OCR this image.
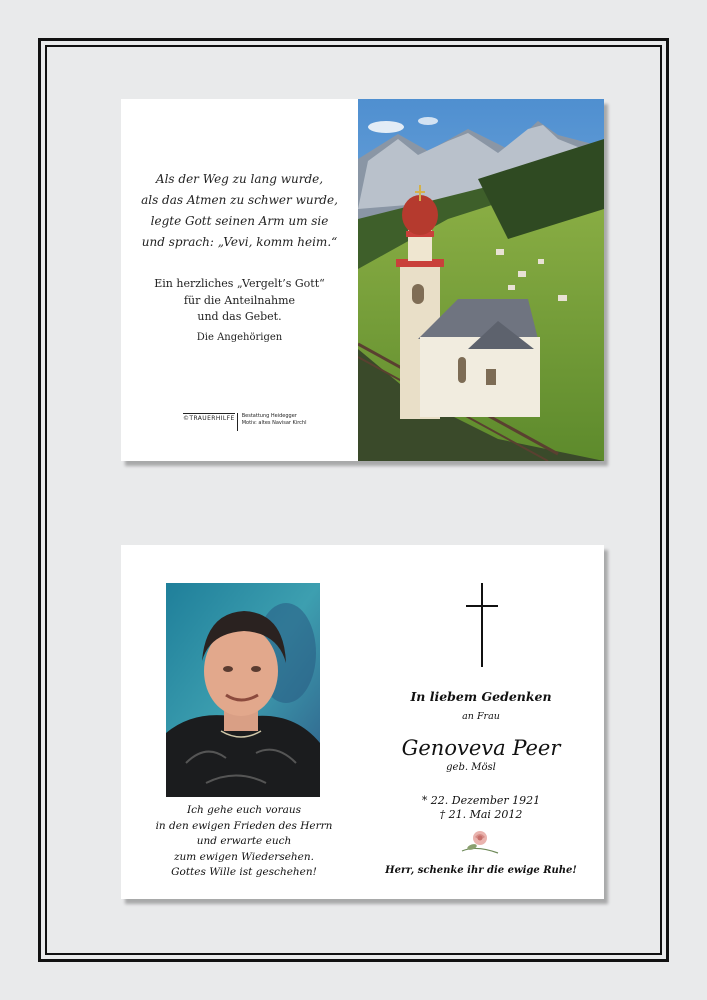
Als der Weg zu lang wurde,
als das Atmen zu schwer wurde,
legte Gott seinen Arm um sie
und sprach: „Vevi, komm heim.“
Ein herzliches „Vergelt’s Gott“
für die Anteilnahme
und das Gebet.
Die Angehörigen
©TRAUERHILFE Bestattung Heidegger
Motiv: altes Navisar Kirchl
In liebem Gedenken
an Frau
Genoveva Peer
geb. Mösl
* 22. Dezember 1921
† 21. Mai 2012
Herr, schenke ihr die ewige Ruhe!
Ich gehe euch voraus
in den ewigen Frieden des Herrn
und erwarte euch
zum ewigen Wiedersehen.
Gottes Wille ist geschehen!
